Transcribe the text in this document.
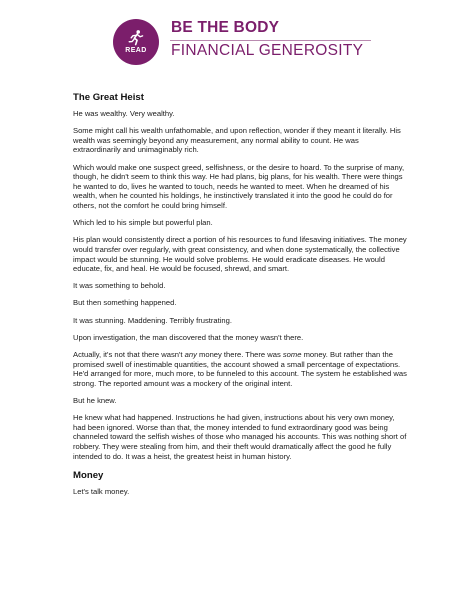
READ
BE THE BODY
FINANCIAL GENEROSITY
The Great Heist

He was wealthy. Very wealthy.

Some might call his wealth unfathomable, and upon reflection, wonder if they meant it literally. His wealth was seemingly beyond any measurement, any normal ability to count. He was extraordinarily and unimaginably rich.

Which would make one suspect greed, selfishness, or the desire to hoard. To the surprise of many, though, he didn't seem to think this way. He had plans, big plans, for his wealth. There were things he wanted to do, lives he wanted to touch, needs he wanted to meet. When he dreamed of his wealth, when he counted his holdings, he instinctively translated it into the good he could do for others, not the comfort he could bring himself.

Which led to his simple but powerful plan.

His plan would consistently direct a portion of his resources to fund lifesaving initiatives. The money would transfer over regularly, with great consistency, and when done systematically, the collective impact would be stunning. He would solve problems. He would eradicate diseases. He would educate, fix, and heal. He would be focused, shrewd, and smart.

It was something to behold.

But then something happened.

It was stunning. Maddening. Terribly frustrating.

Upon investigation, the man discovered that the money wasn't there.

Actually, it's not that there wasn't any money there. There was some money. But rather than the promised swell of inestimable quantities, the account showed a small percentage of expectations. He'd arranged for more, much more, to be funneled to this account. The system he established was strong. The reported amount was a mockery of the original intent.

But he knew.

He knew what had happened. Instructions he had given, instructions about his very own money, had been ignored. Worse than that, the money intended to fund extraordinary good was being channeled toward the selfish wishes of those who managed his accounts. This was nothing short of robbery. They were stealing from him, and their theft would dramatically affect the good he fully intended to do. It was a heist, the greatest heist in human history.

Money

Let's talk money.
